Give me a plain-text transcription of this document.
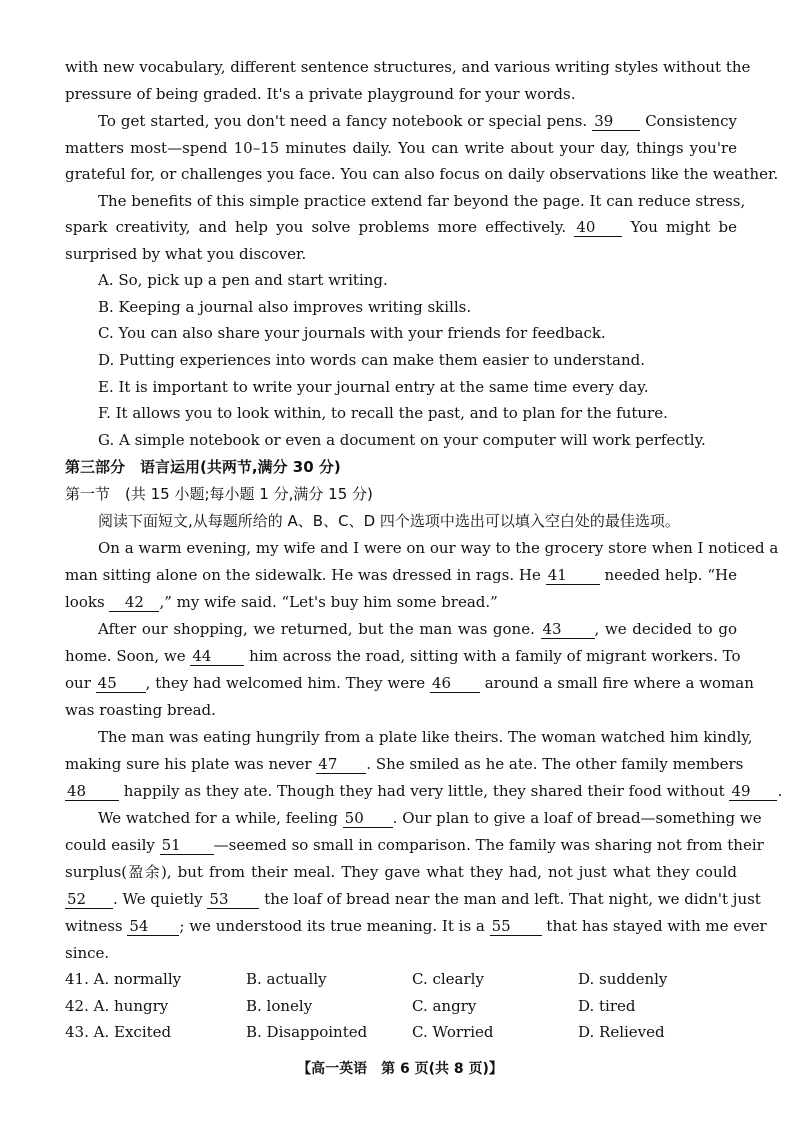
with new vocabulary, different sentence structures, and various writing styles without the
pressure of being graded. It's a private playground for your words.
To get started, you don't need a fancy notebook or special pens. 39 Consistency
matters most—spend 10–15 minutes daily. You can write about your day, things you're
grateful for, or challenges you face. You can also focus on daily observations like the weather.
The benefits of this simple practice extend far beyond the page. It can reduce stress,
spark creativity, and help you solve problems more effectively. 40 You might be
surprised by what you discover.
A. So, pick up a pen and start writing.
B. Keeping a journal also improves writing skills.
C. You can also share your journals with your friends for feedback.
D. Putting experiences into words can make them easier to understand.
E. It is important to write your journal entry at the same time every day.
F. It allows you to look within, to recall the past, and to plan for the future.
G. A simple notebook or even a document on your computer will work perfectly.
第三部分　语言运用(共两节,满分 30 分)
第一节　(共 15 小题;每小题 1 分,满分 15 分)
阅读下面短文,从每题所给的 A、B、C、D 四个选项中选出可以填入空白处的最佳选项。
On a warm evening, my wife and I were on our way to the grocery store when I noticed a
man sitting alone on the sidewalk. He was dressed in rags. He 41	needed help. “He
looks 42 ,” my wife said. “Let's buy him some bread.”
After our shopping, we returned, but the man was gone. 43 , we decided to go
home. Soon, we 44	him across the road, sitting with a family of migrant workers. To
our 45 , they had welcomed him. They were 46 around a small fire where a woman
was roasting bread.
The man was eating hungrily from a plate like theirs. The woman watched him kindly,
making sure his plate was never 47 . She smiled as he ate. The other family members
48	happily as they ate. Though they had very little, they shared their food without 49 .
We watched for a while, feeling 50 . Our plan to give a loaf of bread—something we
could easily 51 —seemed so small in comparison. The family was sharing not from their
surplus(盈余), but from their meal. They gave what they had, not just what they could
52 . We quietly 53 the loaf of bread near the man and left. That night, we didn't just
witness 54 ; we understood its true meaning. It is a 55 that has stayed with me ever
since.
41. A. normally	B. actually	C. clearly	D. suddenly
42. A. hungry	B. lonely	C. angry	D. tired
43. A. Excited	B. Disappointed	C. Worried	D. Relieved
【高一英语　第 6 页(共 8 页)】
